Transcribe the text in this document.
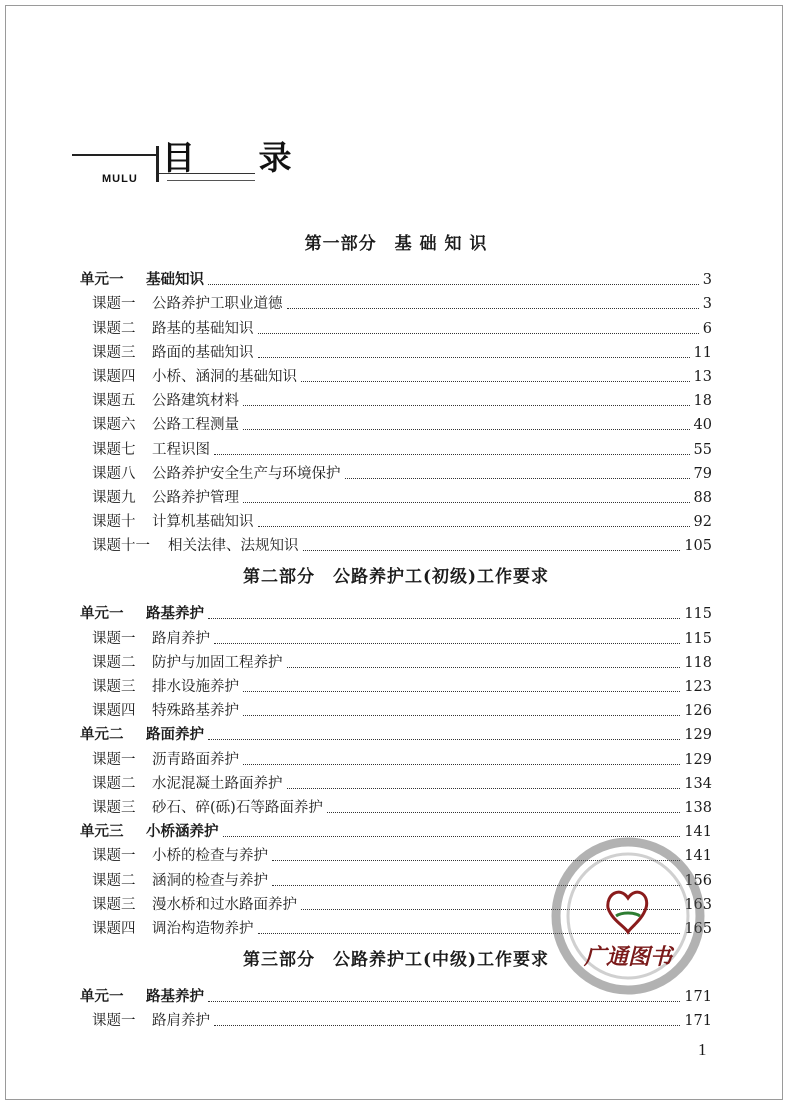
目 录
MULU
第一部分　基 础 知 识
单元一	基础知识	3
课题一	公路养护工职业道德	3
课题二	路基的基础知识	6
课题三	路面的基础知识	11
课题四	小桥、涵洞的基础知识	13
课题五	公路建筑材料	18
课题六	公路工程测量	40
课题七	工程识图	55
课题八	公路养护安全生产与环境保护	79
课题九	公路养护管理	88
课题十	计算机基础知识	92
课题十一	相关法律、法规知识	105
第二部分　公路养护工(初级)工作要求
单元一	路基养护	115
课题一	路肩养护	115
课题二	防护与加固工程养护	118
课题三	排水设施养护	123
课题四	特殊路基养护	126
单元二	路面养护	129
课题一	沥青路面养护	129
课题二	水泥混凝土路面养护	134
课题三	砂石、碎(砾)石等路面养护	138
单元三	小桥涵养护	141
课题一	小桥的检查与养护	141
课题二	涵洞的检查与养护	156
课题三	漫水桥和过水路面养护	163
课题四	调治构造物养护	165
第三部分　公路养护工(中级)工作要求
单元一	路基养护	171
课题一	路肩养护	171
广通图书
1
